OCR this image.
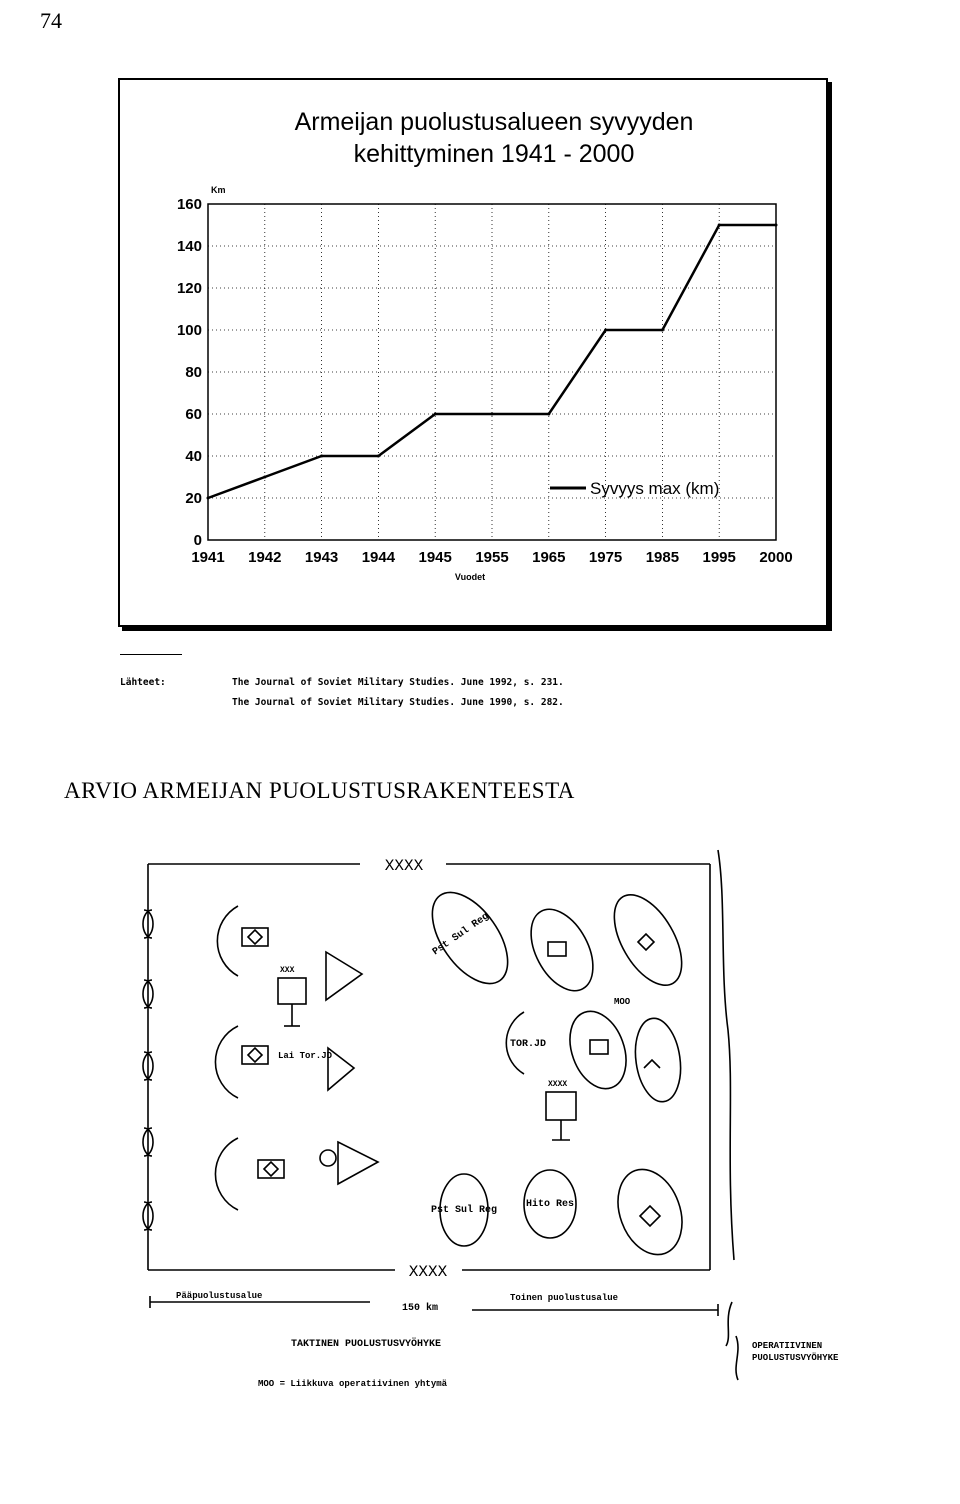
74
Armeijan puolustusalueen syvyyden
kehittyminen 1941 - 2000
Km
0
20
40
60
80
100
120
140
160
1941 1942 1943 1944 1945 1955 1965 1975 1985 1995 2000
Syvyys max (km)
Vuodet
Lähteet:	The Journal of Soviet Military Studies. June 1992, s. 231.
The Journal of Soviet Military Studies. June 1990, s. 282.
ARVIO ARMEIJAN PUOLUSTUSRAKENTEESTA
XXXX
XXXX
Lai Tor.JD
Pst Sul Reg
Pst Sul Reg
Hito Res
TOR.JD
MOO
XXX
XXXX
Pääpuolustusalue	Toinen puolustusalue
150 km
TAKTINEN PUOLUSTUSVYÖHYKE	OPERATIIVINEN
PUOLUSTUSVYÖHYKE
MOO = Liikkuva operatiivinen yhtymä
